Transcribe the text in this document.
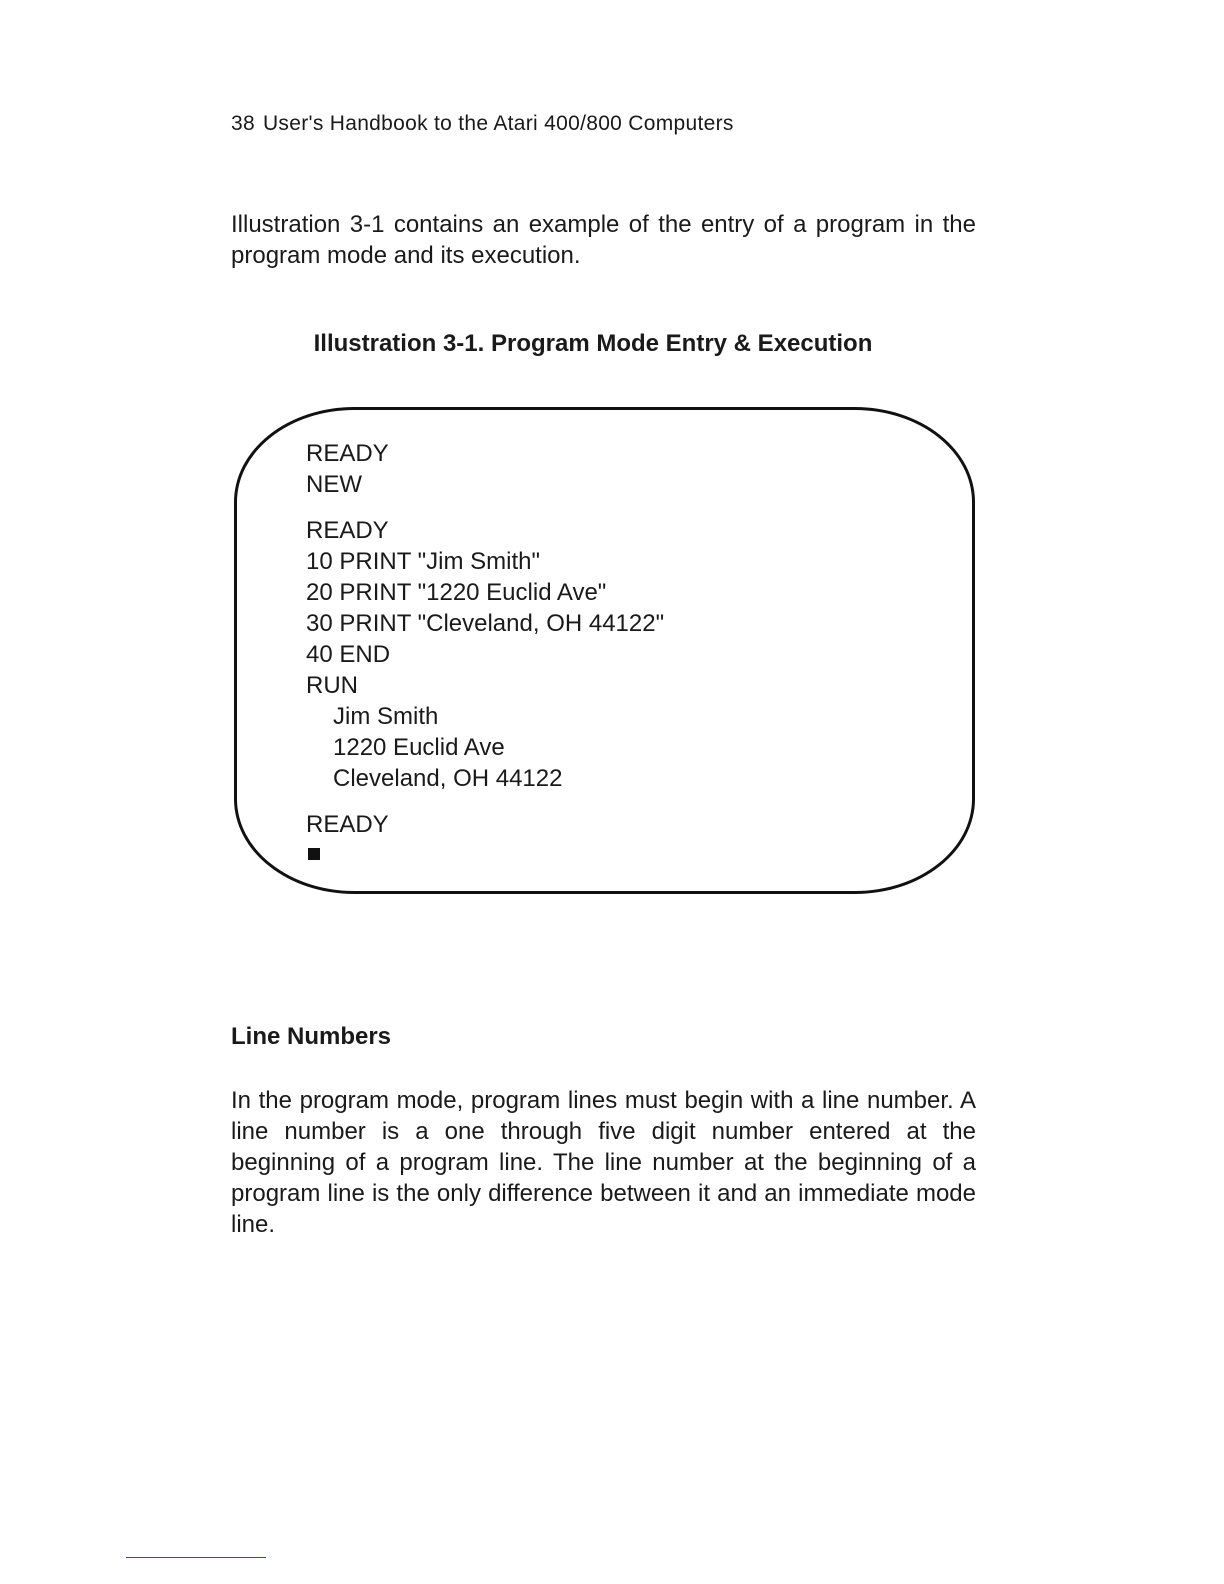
38 User's Handbook to the Atari 400/800 Computers
Illustration 3-1 contains an example of the entry of a program in the program mode and its execution.
Illustration 3-1. Program Mode Entry & Execution
READY
NEW
READY
10 PRINT "Jim Smith"
20 PRINT "1220 Euclid Ave"
30 PRINT "Cleveland, OH 44122"
40 END
RUN
Jim Smith
1220 Euclid Ave
Cleveland, OH 44122
READY
Line Numbers
In the program mode, program lines must begin with a line number. A line number is a one through five digit number entered at the beginning of a program line. The line number at the beginning of a program line is the only difference between it and an immediate mode line.
